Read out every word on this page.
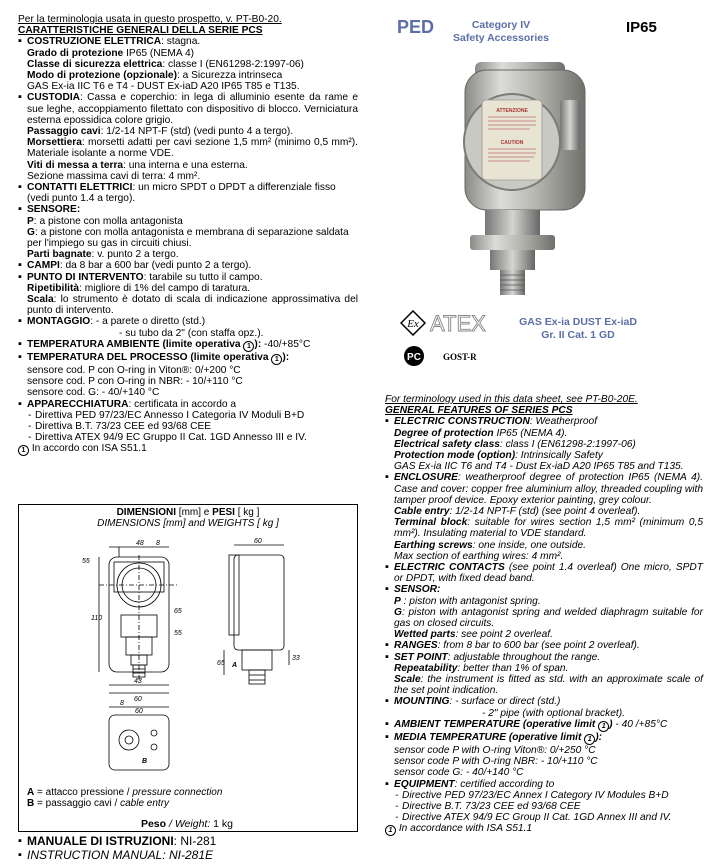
Per la terminologia usata in questo prospetto, v. PT-B0-20.
CARATTERISTICHE GENERALI DELLA SERIE PCS
▪ COSTRUZIONE ELETTRICA: stagna.
Grado di protezione IP65 (NEMA 4)
Classe di sicurezza elettrica: classe I (EN61298-2:1997-06)
Modo di protezione (opzionale): a Sicurezza intrinseca
GAS Ex-ia IIC T6 e T4 - DUST Ex-iaD A20 IP65 T85 e T135.
▪ CUSTODIA: Cassa e coperchio: in lega di alluminio esente da rame e sue leghe, accoppiamento filettato con dispositivo di blocco. Verniciatura esterna epossidica colore grigio.
Passaggio cavi: 1/2-14 NPT-F (std) (vedi punto 4 a tergo).
Morsettiera: morsetti adatti per cavi sezione 1,5 mm² (minimo 0,5 mm²). Materiale isolante a norme VDE.
Viti di messa a terra: una interna e una esterna.
Sezione massima cavi di terra: 4 mm².
▪ CONTATTI ELETTRICI: un micro SPDT o DPDT a differenziale fisso (vedi punto 1.4 a tergo).
▪ SENSORE:
P: a pistone con molla antagonista
G: a pistone con molla antagonista e membrana di separazione saldata per l'impiego su gas in circuiti chiusi.
Parti bagnate: v. punto 2 a tergo.
▪ CAMPI: da 8 bar a 600 bar (vedi punto 2 a tergo).
▪ PUNTO DI INTERVENTO: tarabile su tutto il campo.
Ripetibilità: migliore di 1% del campo di taratura.
Scala: lo strumento è dotato di scala di indicazione approssimativa del punto di intervento.
▪ MONTAGGIO: - a parete o diretto (std.)
- su tubo da 2" (con staffa opz.).
▪ TEMPERATURA AMBIENTE (limite operativa 1 ): -40/+85°C
▪ TEMPERATURA DEL PROCESSO (limite operativa 1 ):
sensore cod. P con O-ring in Viton®: 0/+200 °C
sensore cod. P con O-ring in NBR: - 10/+110 °C
sensore cod. G: - 40/+140 °C
▪ APPARECCHIATURA: certificata in accordo a
- Direttiva PED 97/23/EC Annesso I Categoria IV Moduli B+D
- Direttiva B.T. 73/23 CEE ed 93/68 CEE
- Direttiva ATEX 94/9 EC Gruppo II Cat. 1GD Annesso III e IV.
1 In accordo con ISA S51.1
PED	Category IV
Safety Accessories
IP65
ATTENZIONE
CAUTION
Ex ATEX	GAS Ex-ia DUST Ex-iaD
Gr. II Cat. 1 GD
PC GOST-R
For terminology used in this data sheet, see PT-B0-20E.
GENERAL FEATURES OF SERIES PCS
▪ ELECTRIC CONSTRUCTION: Weatherproof
Degree of protection IP65 (NEMA 4).
Electrical safety class: class I (EN61298-2:1997-06)
Protection mode (option): Intrinsically Safety
GAS Ex-ia IIC T6 and T4 - Dust Ex-iaD A20 IP65 T85 and T135.
▪ ENCLOSURE: weatherproof degree of protection IP65 (NEMA 4). Case and cover: copper free aluminium alloy, threaded coupling with tamper proof device. Epoxy exterior painting, grey colour.
Cable entry: 1/2-14 NPT-F (std) (see point 4 overleaf).
Terminal block: suitable for wires section 1,5 mm² (minimum 0,5 mm²). Insulating material to VDE standard.
Earthing screws: one inside, one outside.
Max section of earthing wires: 4 mm².
▪ ELECTRIC CONTACTS (see point 1.4 overleaf) One micro, SPDT or DPDT, with fixed dead band.
▪ SENSOR:
P : piston with antagonist spring.
G: piston with antagonist spring and welded diaphragm suitable for gas on closed circuits.
Wetted parts: see point 2 overleaf.
▪ RANGES: from 8 bar to 600 bar (see point 2 overleaf).
▪ SET POINT: adjustable throughout the range.
Repeatability: better than 1% of span.
Scale: the instrument is fitted as std. with an approximate scale of the set point indication.
▪ MOUNTING: - surface or direct (std.)
- 2" pipe (with optional bracket).
▪ AMBIENT TEMPERATURE (operative limit 1 ) - 40 /+85°C
▪ MEDIA TEMPERATURE (operative limit 1 ):
sensor code P with O-ring Viton®: 0/+250 °C
sensor code P with O-ring NBR: - 10/+110 °C
sensor code G: - 40/+140 °C
▪ EQUIPMENT: certified according to
- Directive PED 97/23/EC Annex I Category IV Modules B+D
- Directive B.T. 73/23 CEE ed 93/68 CEE
- Directive ATEX 94/9 EC Group II Cat. 1GD Annex III and IV.
1 In accordance with ISA S51.1
DIMENSIONI [mm] e PESI [ kg ]
DIMENSIONS [mm] and WEIGHTS [ kg ]
55
48 8	60
110
65
43
60
8
65
33
55
A
B
60
A = attacco pressione / pressure connection
B = passaggio cavi / cable entry
Peso / Weight: 1 kg
▪ MANUALE DI ISTRUZIONI: NI-281
▪ INSTRUCTION MANUAL: NI-281E
